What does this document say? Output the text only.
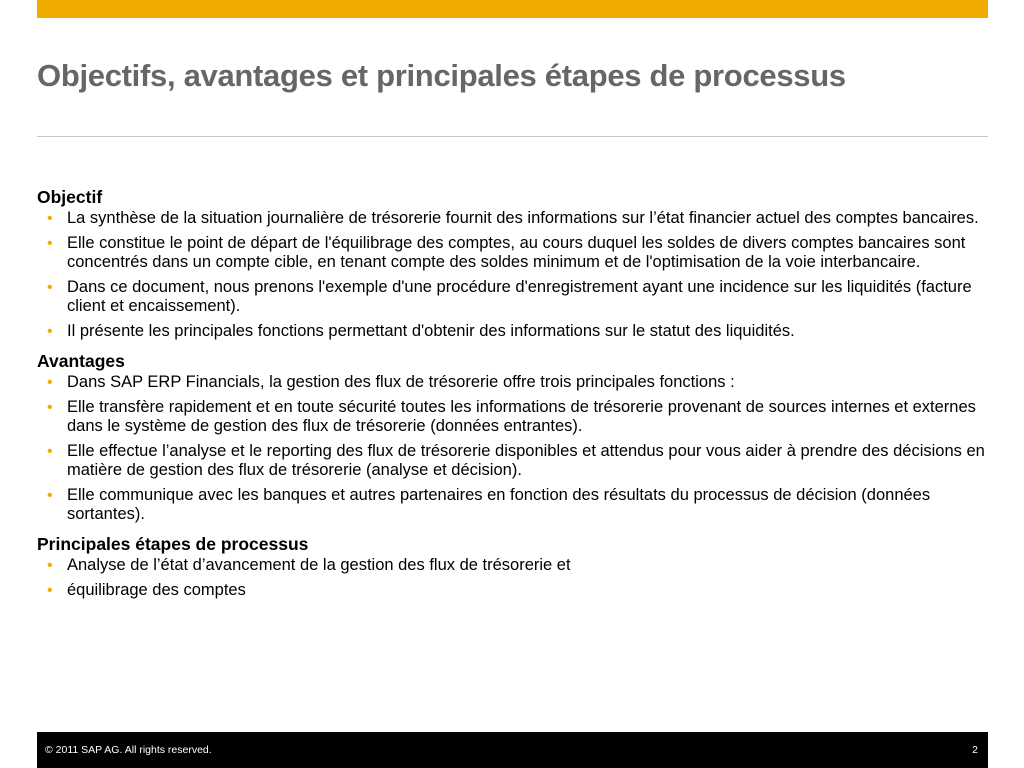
Objectifs, avantages et principales étapes de processus
Objectif
• La synthèse de la situation journalière de trésorerie fournit des informations sur l’état financier actuel des comptes bancaires.
• Elle constitue le point de départ de l'équilibrage des comptes, au cours duquel les soldes de divers comptes bancaires sont concentrés dans un compte cible, en tenant compte des soldes minimum et de l'optimisation de la voie interbancaire.
• Dans ce document, nous prenons l'exemple d'une procédure d'enregistrement ayant une incidence sur les liquidités (facture client et encaissement).
• Il présente les principales fonctions permettant d'obtenir des informations sur le statut des liquidités.
Avantages
• Dans SAP ERP Financials, la gestion des flux de trésorerie offre trois principales fonctions :
• Elle transfère rapidement et en toute sécurité toutes les informations de trésorerie provenant de sources internes et externes dans le système de gestion des flux de trésorerie (données entrantes).
• Elle effectue l’analyse et le reporting des flux de trésorerie disponibles et attendus pour vous aider à prendre des décisions en matière de gestion des flux de trésorerie (analyse et décision).
• Elle communique avec les banques et autres partenaires en fonction des résultats du processus de décision (données sortantes).
Principales étapes de processus
• Analyse de l’état d’avancement de la gestion des flux de trésorerie et
• équilibrage des comptes
© 2011 SAP AG. All rights reserved.	2
